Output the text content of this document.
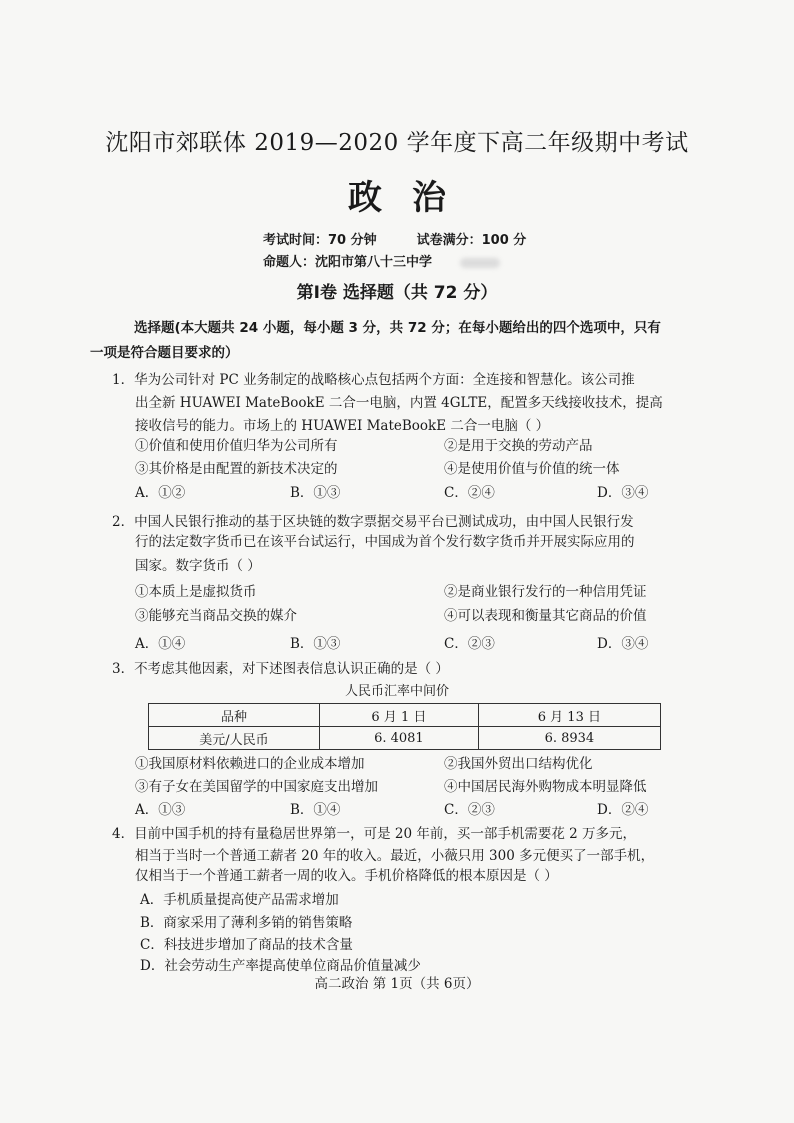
沈阳市郊联体 2019—2020 学年度下高二年级期中考试
政治
考试时间：70 分钟	试卷满分：100 分
命题人：沈阳市第八十三中学
第Ⅰ卷 选择题（共 72 分）
选择题(本大题共 24 小题，每小题 3 分，共 72 分；在每小题给出的四个选项中，只有
一项是符合题目要求的）
1．华为公司针对 PC 业务制定的战略核心点包括两个方面：全连接和智慧化。该公司推
出全新 HUAWEI MateBookE 二合一电脑，内置 4GLTE，配置多天线接收技术，提高
接收信号的能力。市场上的 HUAWEI MateBookE 二合一电脑（ ）
①价值和使用价值归华为公司所有	②是用于交换的劳动产品
③其价格是由配置的新技术决定的	④是使用价值与价值的统一体
A．①②	B．①③	C．②④	D．③④
2．中国人民银行推动的基于区块链的数字票据交易平台已测试成功，由中国人民银行发
行的法定数字货币已在该平台试运行，中国成为首个发行数字货币并开展实际应用的
国家。数字货币（ ）
①本质上是虚拟货币	②是商业银行发行的一种信用凭证
③能够充当商品交换的媒介	④可以表现和衡量其它商品的价值
A．①④	B．①③	C．②③	D．③④
3．不考虑其他因素，对下述图表信息认识正确的是（ ）
人民币汇率中间价
品种	6 月 1 日	6 月 13 日
美元/人民币	6. 4081	6. 8934
①我国原材料依赖进口的企业成本增加	②我国外贸出口结构优化
③有子女在美国留学的中国家庭支出增加	④中国居民海外购物成本明显降低
A．①③	B．①④	C．②③	D．②④
4．目前中国手机的持有量稳居世界第一，可是 20 年前，买一部手机需要花 2 万多元，
相当于当时一个普通工薪者 20 年的收入。最近，小薇只用 300 多元便买了一部手机，
仅相当于一个普通工薪者一周的收入。手机价格降低的根本原因是（ ）
A．手机质量提高使产品需求增加
B．商家采用了薄利多销的销售策略
C．科技进步增加了商品的技术含量
D．社会劳动生产率提高使单位商品价值量减少
高二政治 第 1页（共 6页）
